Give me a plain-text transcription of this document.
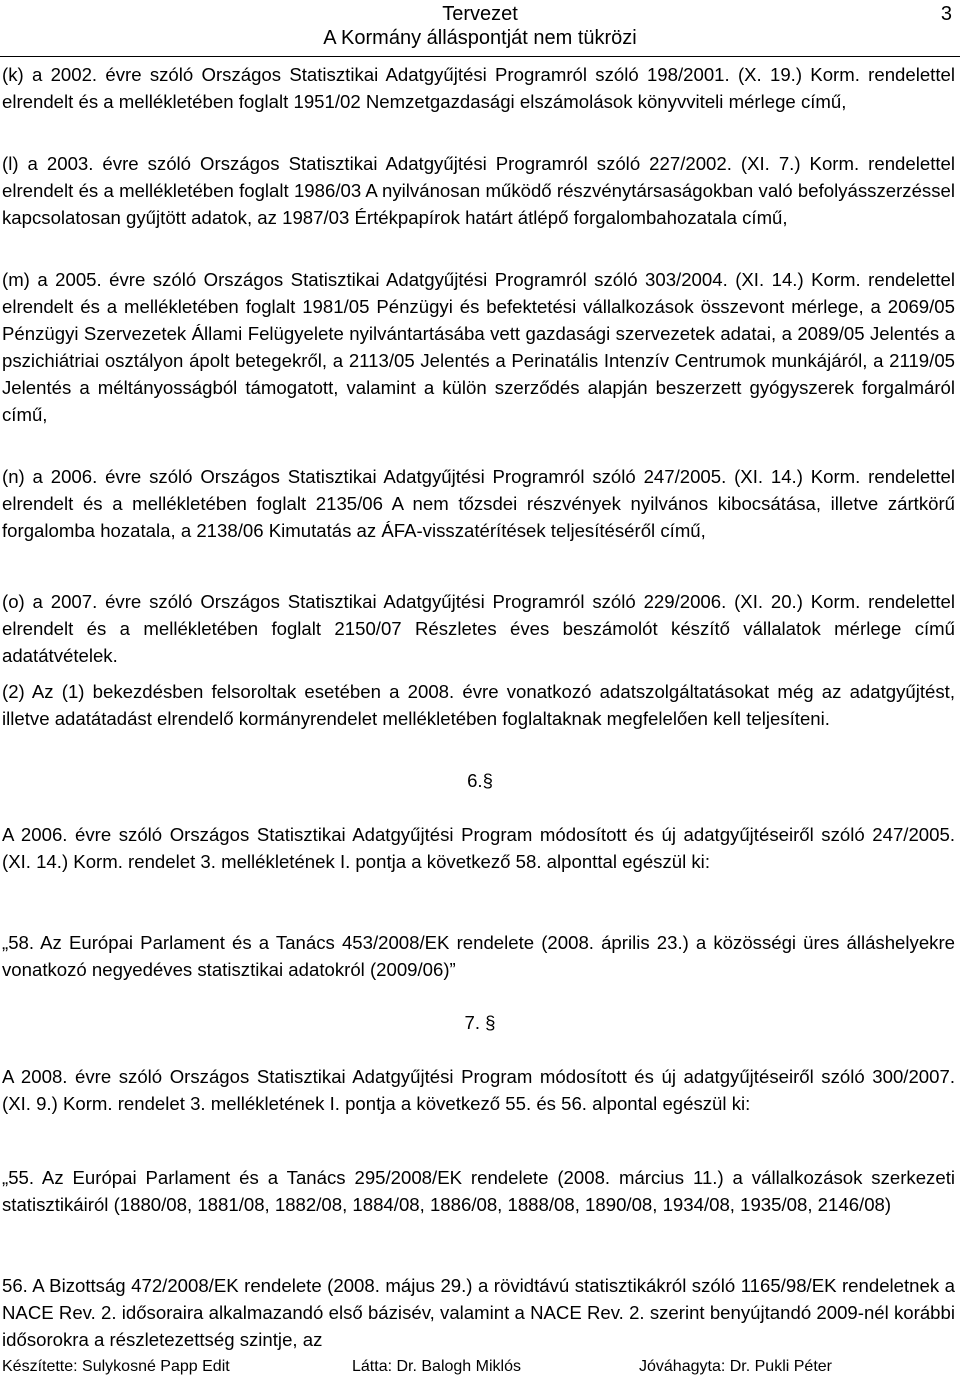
Tervezet
A Kormány álláspontját nem tükrözi
3
(k) a 2002. évre szóló Országos Statisztikai Adatgyűjtési Programról szóló 198/2001. (X. 19.) Korm. rendelettel elrendelt és a mellékletében foglalt 1951/02 Nemzetgazdasági elszámolások könyvviteli mérlege című,
(l) a 2003. évre szóló Országos Statisztikai Adatgyűjtési Programról szóló 227/2002. (XI. 7.) Korm. rendelettel elrendelt és a mellékletében foglalt 1986/03 A nyilvánosan működő részvénytársaságokban való befolyásszerzéssel kapcsolatosan gyűjtött adatok, az 1987/03 Értékpapírok határt átlépő forgalombahozatala című,
(m) a 2005. évre szóló Országos Statisztikai Adatgyűjtési Programról szóló 303/2004. (XI. 14.) Korm. rendelettel elrendelt és a mellékletében foglalt 1981/05 Pénzügyi és befektetési vállalkozások összevont mérlege, a 2069/05 Pénzügyi Szervezetek Állami Felügyelete nyilvántartásába vett gazdasági szervezetek adatai, a 2089/05 Jelentés a pszichiátriai osztályon ápolt betegekről, a 2113/05 Jelentés a Perinatális Intenzív Centrumok munkájáról, a 2119/05 Jelentés a méltányosságból támogatott, valamint a külön szerződés alapján beszerzett gyógyszerek forgalmáról című,
(n) a 2006. évre szóló Országos Statisztikai Adatgyűjtési Programról szóló 247/2005. (XI. 14.) Korm. rendelettel elrendelt és a mellékletében foglalt 2135/06 A nem tőzsdei részvények nyilvános kibocsátása, illetve zártkörű forgalomba hozatala, a 2138/06 Kimutatás az ÁFA-visszatérítések teljesítéséről című,
(o) a 2007. évre szóló Országos Statisztikai Adatgyűjtési Programról szóló 229/2006. (XI. 20.) Korm. rendelettel elrendelt és a mellékletében foglalt 2150/07 Részletes éves beszámolót készítő vállalatok mérlege című adatátvételek.
(2) Az (1) bekezdésben felsoroltak esetében a 2008. évre vonatkozó adatszolgáltatásokat még az adatgyűjtést, illetve adatátadást elrendelő kormányrendelet mellékletében foglaltaknak megfelelően kell teljesíteni.
6.§
A 2006. évre szóló Országos Statisztikai Adatgyűjtési Program módosított és új adatgyűjtéseiről szóló 247/2005. (XI. 14.) Korm. rendelet 3. mellékletének I. pontja a következő 58. alponttal egészül ki:
„58. Az Európai Parlament és a Tanács 453/2008/EK rendelete (2008. április 23.) a közösségi üres álláshelyekre vonatkozó negyedéves statisztikai adatokról (2009/06)”
7. §
A 2008. évre szóló Országos Statisztikai Adatgyűjtési Program módosított és új adatgyűjtéseiről szóló 300/2007. (XI. 9.) Korm. rendelet 3. mellékletének I. pontja a következő 55. és 56. alpontal egészül ki:
„55. Az Európai Parlament és a Tanács 295/2008/EK rendelete (2008. március 11.) a vállalkozások szerkezeti statisztikáiról (1880/08, 1881/08, 1882/08, 1884/08, 1886/08, 1888/08, 1890/08, 1934/08, 1935/08, 2146/08)
56. A Bizottság 472/2008/EK rendelete (2008. május 29.) a rövidtávú statisztikákról szóló 1165/98/EK rendeletnek a NACE Rev. 2. idősoraira alkalmazandó első bázisév, valamint a NACE Rev. 2. szerint benyújtandó 2009-nél korábbi idősorokra a részletezettség szintje, az
Készítette: Sulykosné Papp Edit	Látta: Dr. Balogh Miklós	Jóváhagyta: Dr. Pukli Péter
